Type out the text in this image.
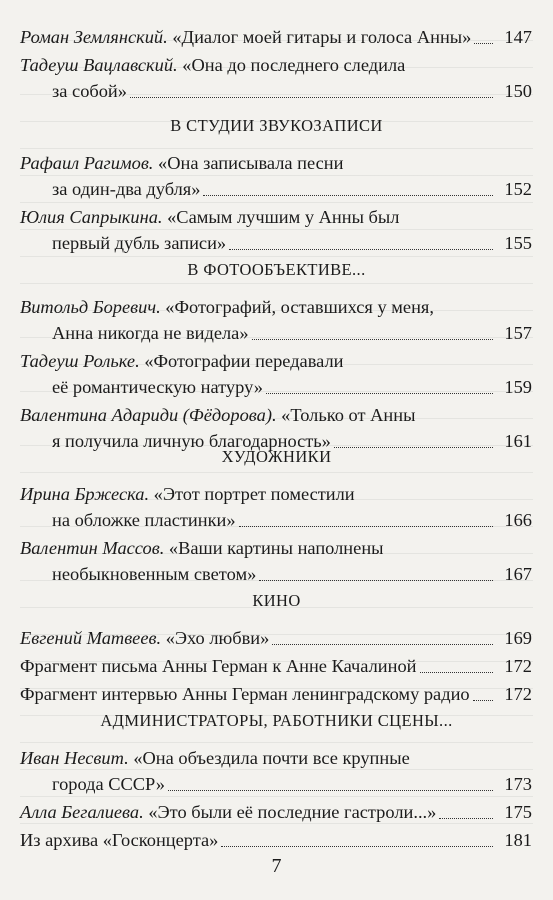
Роман Землянский. «Диалог моей гитары и голоса Анны» 147
Тадеуш Вацлавский. «Она до последнего следила
за собой»	150
В СТУДИИ ЗВУКОЗАПИСИ
Рафаил Рагимов. «Она записывала песни
за один-два дубля»	152
Юлия Сапрыкина. «Самым лучшим у Анны был
первый дубль записи»	155
В ФОТООБЪЕКТИВЕ...
Витольд Боревич. «Фотографий, оставшихся у меня,
Анна никогда не видела»	157
Тадеуш Рольке. «Фотографии передавали
её романтическую натуру»	159
Валентина Адариди (Фёдорова). «Только от Анны
я получила личную благодарность»	161
ХУДОЖНИКИ
Ирина Бржеска. «Этот портрет поместили
на обложке пластинки»	166
Валентин Массов. «Ваши картины наполнены
необыкновенным светом»	167
КИНО
Евгений Матвеев. «Эхо любви»	169
Фрагмент письма Анны Герман к Анне Качалиной	172
Фрагмент интервью Анны Герман ленинградскому радио 172
АДМИНИСТРАТОРЫ, РАБОТНИКИ СЦЕНЫ...
Иван Несвит. «Она объездила почти все крупные
города СССР»	173
Алла Бегалиева. «Это были её последние гастроли...»	175
Из архива «Госконцерта»	181
7
